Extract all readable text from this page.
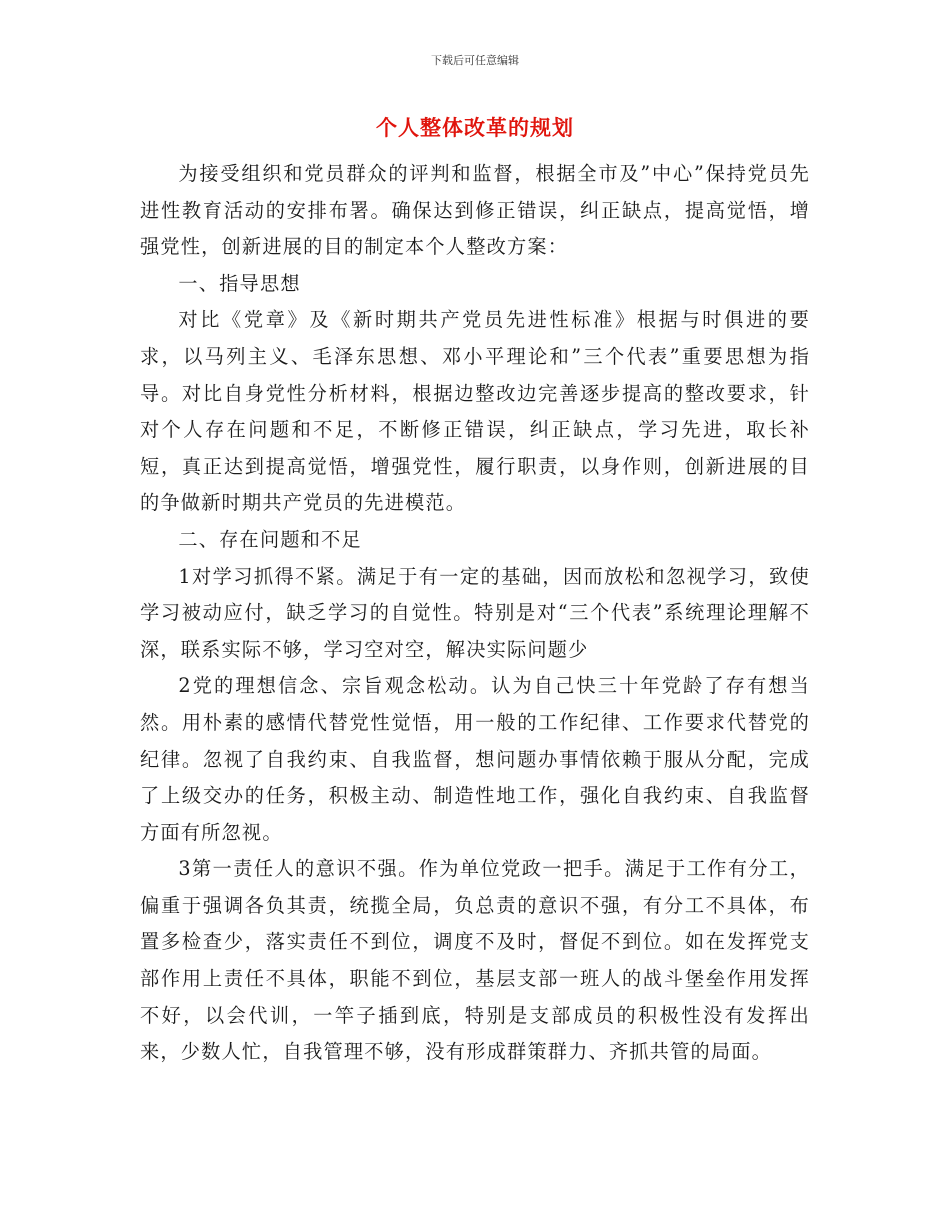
下载后可任意编辑
个人整体改革的规划

为接受组织和党员群众的评判和监督，根据全市及”中心”保持党员先进性教育活动的安排布署。确保达到修正错误，纠正缺点，提高觉悟，增强党性，创新进展的目的制定本个人整改方案：

一、指导思想

对比《党章》及《新时期共产党员先进性标准》根据与时俱进的要求，以马列主义、毛泽东思想、邓小平理论和”三个代表”重要思想为指导。对比自身党性分析材料，根据边整改边完善逐步提高的整改要求，针对个人存在问题和不足，不断修正错误，纠正缺点，学习先进，取长补短，真正达到提高觉悟，增强党性，履行职责，以身作则，创新进展的目的争做新时期共产党员的先进模范。

二、存在问题和不足

1对学习抓得不紧。满足于有一定的基础，因而放松和忽视学习，致使学习被动应付，缺乏学习的自觉性。特别是对“三个代表”系统理论理解不深，联系实际不够，学习空对空，解决实际问题少

2党的理想信念、宗旨观念松动。认为自己快三十年党龄了存有想当然。用朴素的感情代替党性觉悟，用一般的工作纪律、工作要求代替党的纪律。忽视了自我约束、自我监督，想问题办事情依赖于服从分配，完成了上级交办的任务，积极主动、制造性地工作，强化自我约束、自我监督方面有所忽视。

3第一责任人的意识不强。作为单位党政一把手。满足于工作有分工，偏重于强调各负其责，统揽全局，负总责的意识不强，有分工不具体，布置多检查少，落实责任不到位，调度不及时，督促不到位。如在发挥党支部作用上责任不具体，职能不到位，基层支部一班人的战斗堡垒作用发挥不好，以会代训，一竿子插到底，特别是支部成员的积极性没有发挥出来，少数人忙，自我管理不够，没有形成群策群力、齐抓共管的局面。
